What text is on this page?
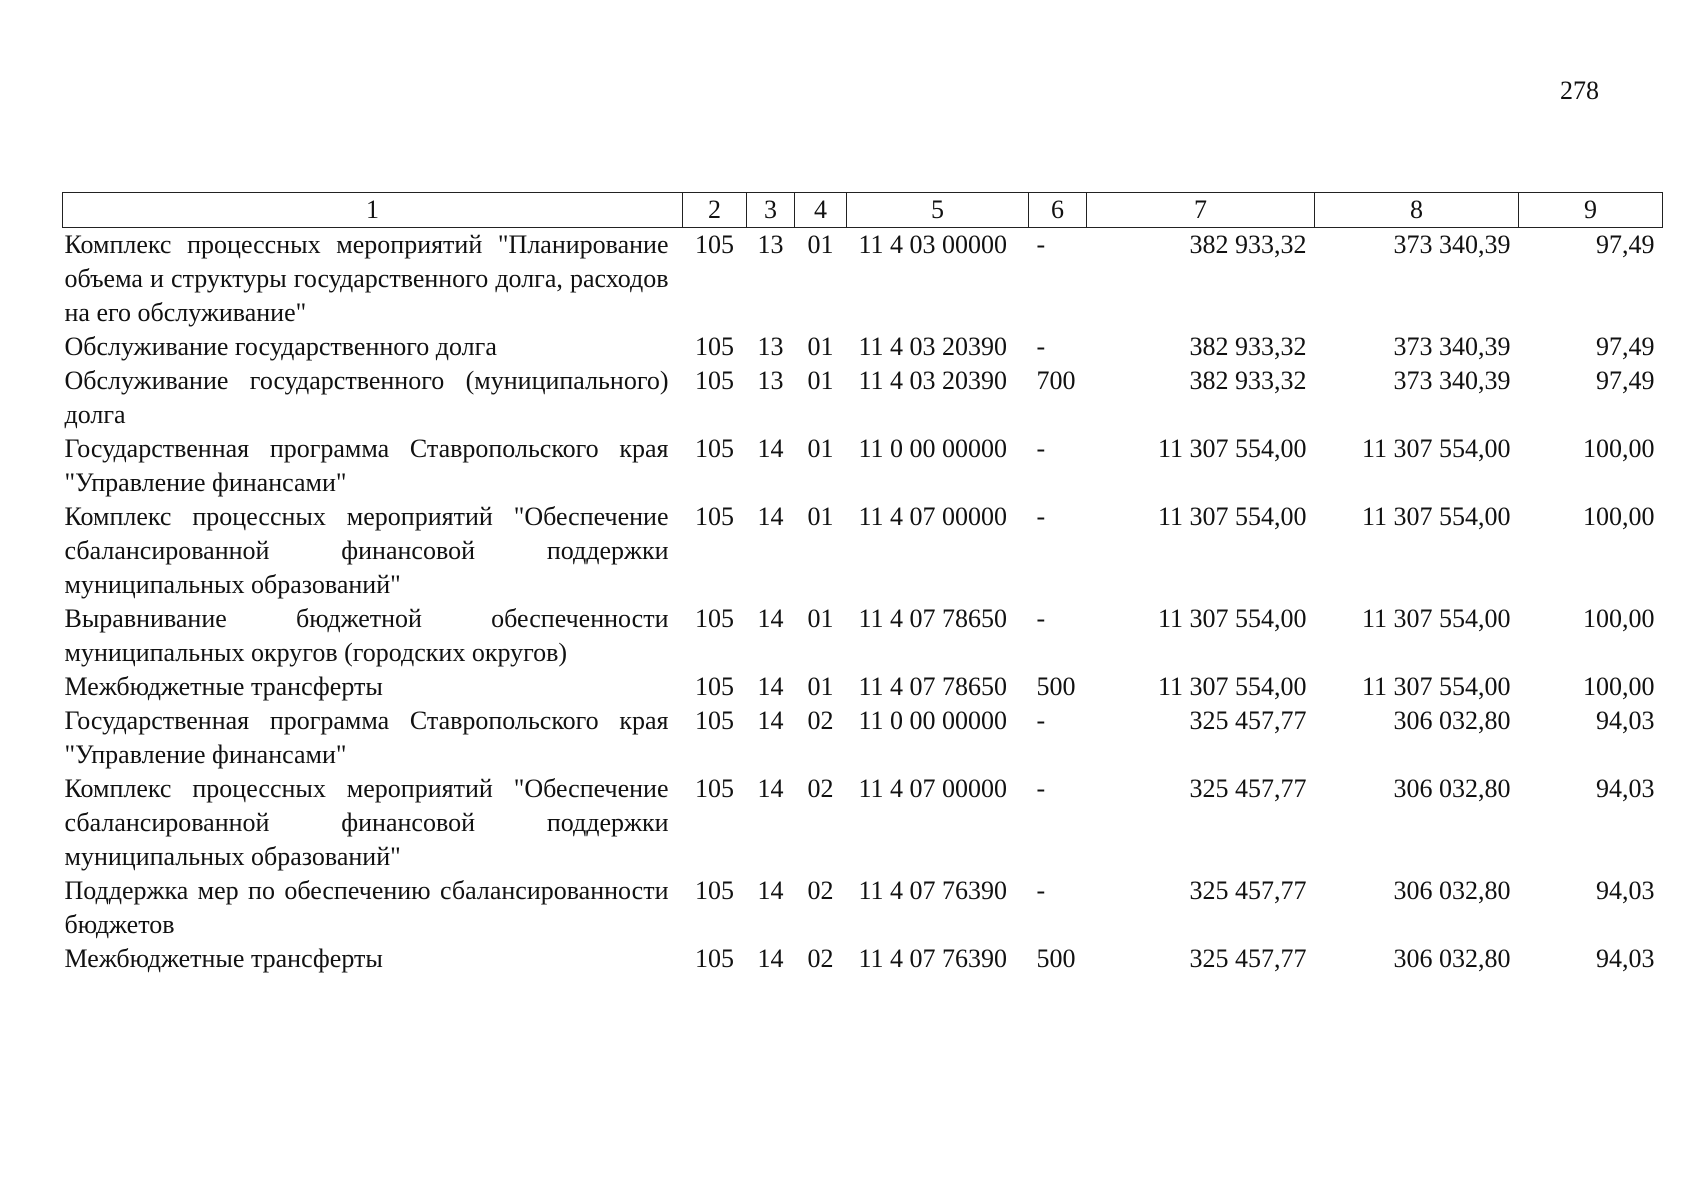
278
1	2	3	4	5	6	7	8	9
Комплекс процессных мероприятий "Планирование объема и структуры государственного долга, расходов на его обслуживание"	105	13	01	11 4 03 00000	-	382 933,32	373 340,39	97,49
Обслуживание государственного долга	105	13	01	11 4 03 20390	-	382 933,32	373 340,39	97,49
Обслуживание государственного (муниципального) долга	105	13	01	11 4 03 20390	700	382 933,32	373 340,39	97,49
Государственная программа Ставропольского края "Управление финансами"	105	14	01	11 0 00 00000	-	11 307 554,00	11 307 554,00	100,00
Комплекс процессных мероприятий "Обеспечение сбалансированной финансовой поддержки муниципальных образований"	105	14	01	11 4 07 00000	-	11 307 554,00	11 307 554,00	100,00
Выравнивание бюджетной обеспеченности муниципальных округов (городских округов)	105	14	01	11 4 07 78650	-	11 307 554,00	11 307 554,00	100,00
Межбюджетные трансферты	105	14	01	11 4 07 78650	500	11 307 554,00	11 307 554,00	100,00
Государственная программа Ставропольского края "Управление финансами"	105	14	02	11 0 00 00000	-	325 457,77	306 032,80	94,03
Комплекс процессных мероприятий "Обеспечение сбалансированной финансовой поддержки муниципальных образований"	105	14	02	11 4 07 00000	-	325 457,77	306 032,80	94,03
Поддержка мер по обеспечению сбалансированности бюджетов	105	14	02	11 4 07 76390	-	325 457,77	306 032,80	94,03
Межбюджетные трансферты	105	14	02	11 4 07 76390	500	325 457,77	306 032,80	94,03
